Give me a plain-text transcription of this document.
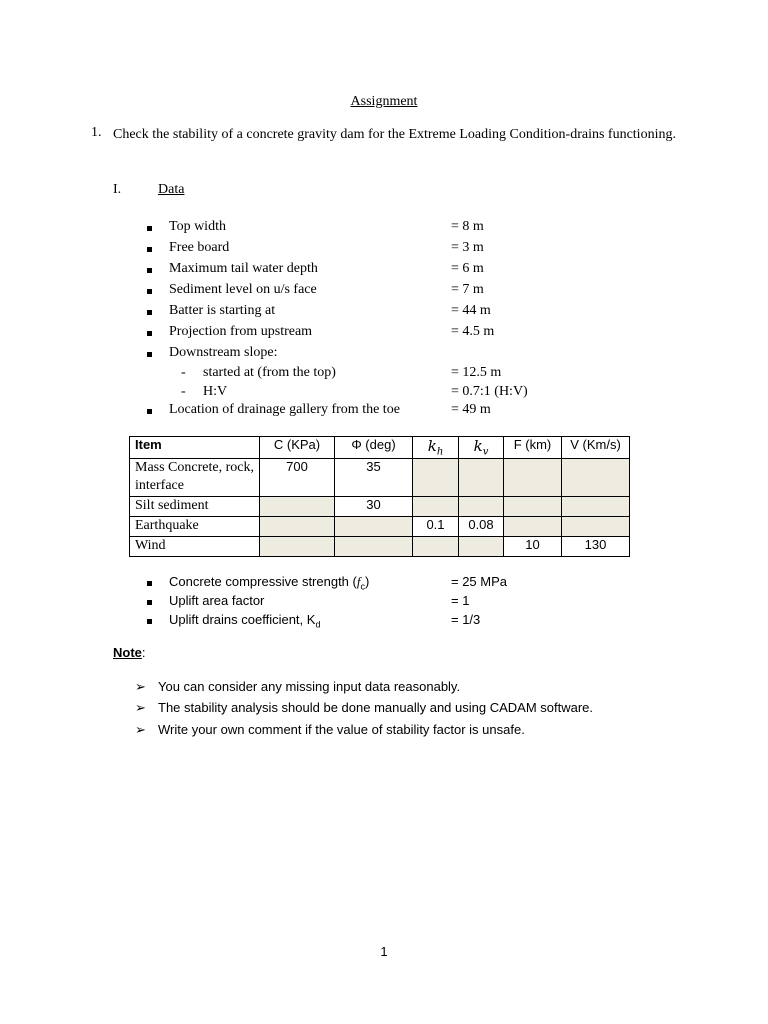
Assignment
1. Check the stability of a concrete gravity dam for the Extreme Loading Condition-drains functioning.
I.	Data
Top width	= 8 m
Free board	= 3 m
Maximum tail water depth	= 6 m
Sediment level on u/s face	= 7 m
Batter is starting at	= 44 m
Projection from upstream	= 4.5 m
Downstream slope:
- started at (from the top)	= 12.5 m
- H:V	= 0.7:1 (H:V)
Location of drainage gallery from the toe	= 49 m
Item	C (KPa)	Φ (deg)	$k_h$	$k_v$	F (km)	V (Km/s)
Mass Concrete, rock, interface	700	35				
Silt sediment		30				
Earthquake			0.1	0.08		
Wind					10	130
Concrete compressive strength $(f_c)$	= 25 MPa
Uplift area factor	= 1
Uplift drains coefficient, $K_d$	= 1/3
Note:
➢ You can consider any missing input data reasonably.
➢ The stability analysis should be done manually and using CADAM software.
➢ Write your own comment if the value of stability factor is unsafe.
1
